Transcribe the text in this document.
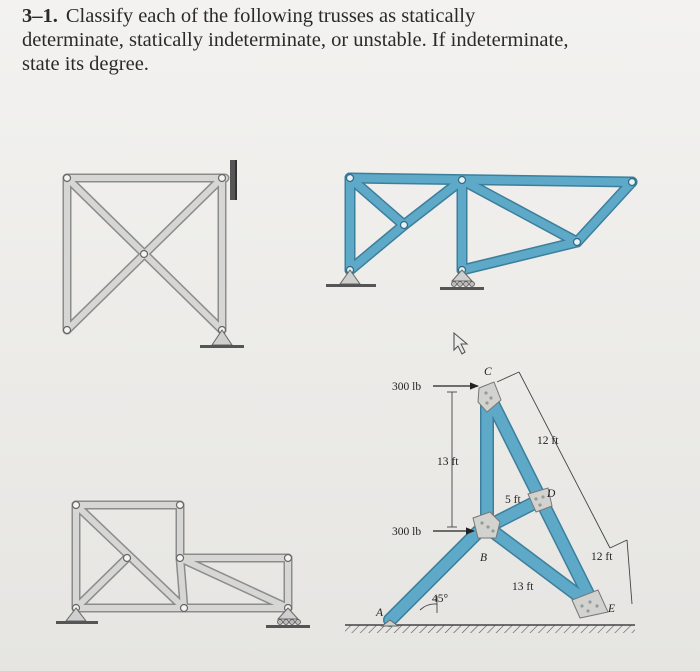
3–1. Classify each of the following trusses as statically determinate, statically indeterminate, or unstable. If indeterminate, state its degree.
300 lb
300 lb
13 ft
12 ft
5 ft
12 ft
13 ft
45°
A
B
C
D
E
